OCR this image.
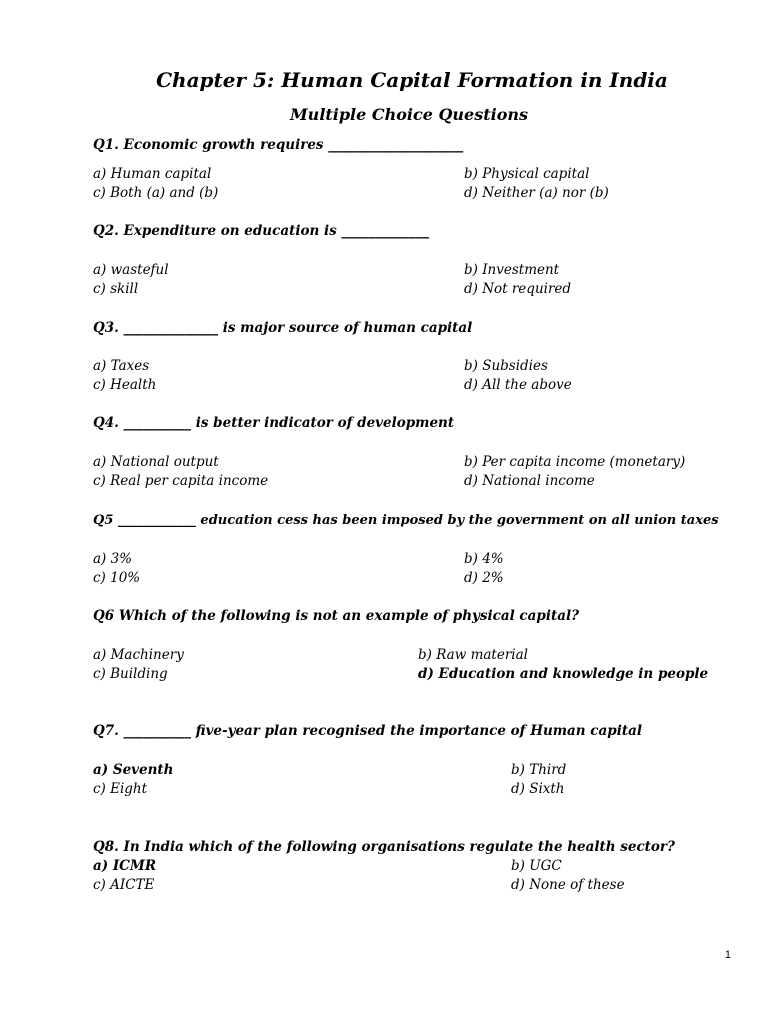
Chapter 5: Human Capital Formation in India
Multiple Choice Questions
Q1. Economic growth requires ____________________
a) Human capital	b) Physical capital
c) Both (a) and (b)	d) Neither (a) nor (b)
Q2. Expenditure on education is _____________
a) wasteful	b) Investment
c) skill	d) Not required
Q3. ______________ is major source of human capital
a) Taxes	b) Subsidies
c) Health	d) All the above
Q4. __________ is better indicator of development
a) National output	b) Per capita income (monetary)
c) Real per capita income	d) National income
Q5 ____________ education cess has been imposed by the government on all union taxes
a) 3%	b) 4%
c) 10%	d) 2%
Q6 Which of the following is not an example of physical capital?
a) Machinery	b) Raw material
c) Building	d) Education and knowledge in people
Q7. __________ five-year plan recognised the importance of Human capital
a) Seventh	b) Third
c) Eight	d) Sixth
Q8. In India which of the following organisations regulate the health sector?
a) ICMR	b) UGC
c) AICTE	d) None of these
1
